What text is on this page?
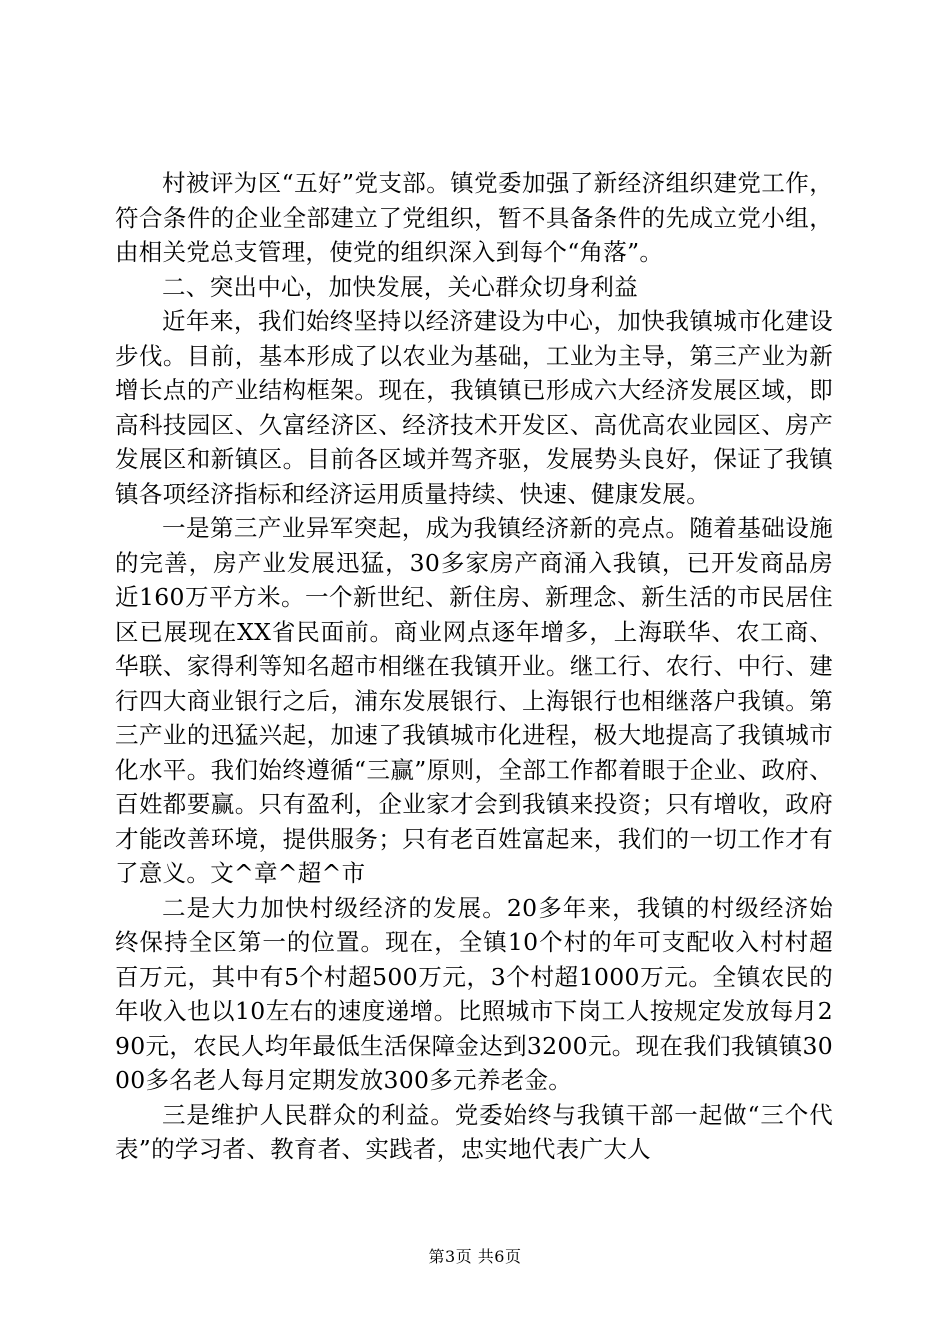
村被评为区“五好”党支部。镇党委加强了新经济组织建党工作，符合条件的企业全部建立了党组织，暂不具备条件的先成立党小组，由相关党总支管理，使党的组织深入到每个“角落”。

二、突出中心，加快发展，关心群众切身利益

近年来，我们始终坚持以经济建设为中心，加快我镇城市化建设步伐。目前，基本形成了以农业为基础，工业为主导，第三产业为新增长点的产业结构框架。现在，我镇镇已形成六大经济发展区域，即高科技园区、久富经济区、经济技术开发区、高优高农业园区、房产发展区和新镇区。目前各区域并驾齐驱，发展势头良好，保证了我镇镇各项经济指标和经济运用质量持续、快速、健康发展。

一是第三产业异军突起，成为我镇经济新的亮点。随着基础设施的完善，房产业发展迅猛，30多家房产商涌入我镇，已开发商品房近160万平方米。一个新世纪、新住房、新理念、新生活的市民居住区已展现在XX省民面前。商业网点逐年增多，上海联华、农工商、华联、家得利等知名超市相继在我镇开业。继工行、农行、中行、建行四大商业银行之后，浦东发展银行、上海银行也相继落户我镇。第三产业的迅猛兴起，加速了我镇城市化进程，极大地提高了我镇城市化水平。我们始终遵循“三赢”原则，全部工作都着眼于企业、政府、百姓都要赢。只有盈利，企业家才会到我镇来投资；只有增收，政府才能改善环境，提供服务；只有老百姓富起来，我们的一切工作才有了意义。文^章^超^市

二是大力加快村级经济的发展。20多年来，我镇的村级经济始终保持全区第一的位置。现在，全镇10个村的年可支配收入村村超百万元，其中有5个村超500万元，3个村超1000万元。全镇农民的年收入也以10左右的速度递增。比照城市下岗工人按规定发放每月290元，农民人均年最低生活保障金达到3200元。现在我们我镇镇3000多名老人每月定期发放300多元养老金。

三是维护人民群众的利益。党委始终与我镇干部一起做“三个代表”的学习者、教育者、实践者，忠实地代表广大人

第3页 共6页
